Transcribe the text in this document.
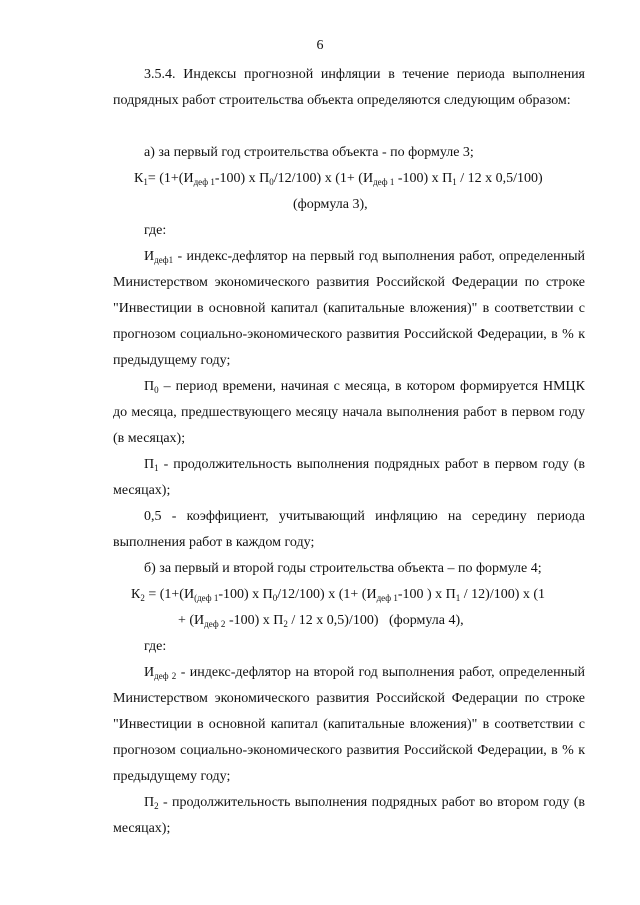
6

3.5.4. Индексы прогнозной инфляции в течение периода выполнения подрядных работ строительства объекта определяются следующим образом:

а) за первый год строительства объекта - по формуле 3;

$К_1= (1+(И_{деф 1}-100)$ x $П_0/12/100$) x ($1+ (И_{деф 1}$ -100) x $П_1 / 12$ x 0,5/100)

(формула 3),

где:

$И_{деф1}$ - индекс-дефлятор на первый год выполнения работ, определенный Министерством экономического развития Российской Федерации по строке "Инвестиции в основной капитал (капитальные вложения)" в соответствии с прогнозом социально-экономического развития Российской Федерации, в % к предыдущему году;

$П_0$ – период времени, начиная с месяца, в котором формируется НМЦК до месяца, предшествующего месяцу начала выполнения работ в первом году (в месяцах);

$П_1$ - продолжительность выполнения подрядных работ в первом году (в месяцах);

0,5 - коэффициент, учитывающий инфляцию на середину периода выполнения работ в каждом году;

б) за первый и второй годы строительства объекта – по формуле 4;

$К_2 = (1+(И_{(деф 1}-100)$ x $П_0/12/100$) x ($1+ (И_{деф 1}-100$ ) x $П_1 / 12)/100$) x (1

+ ($И_{деф 2}$ -100) x $П_2 / 12$ x 0,5)/100) (формула 4),

где:

$И_{деф 2}$ - индекс-дефлятор на второй год выполнения работ, определенный Министерством экономического развития Российской Федерации по строке "Инвестиции в основной капитал (капитальные вложения)" в соответствии с прогнозом социально-экономического развития Российской Федерации, в % к предыдущему году;

$П_2$ - продолжительность выполнения подрядных работ во втором году (в месяцах);
